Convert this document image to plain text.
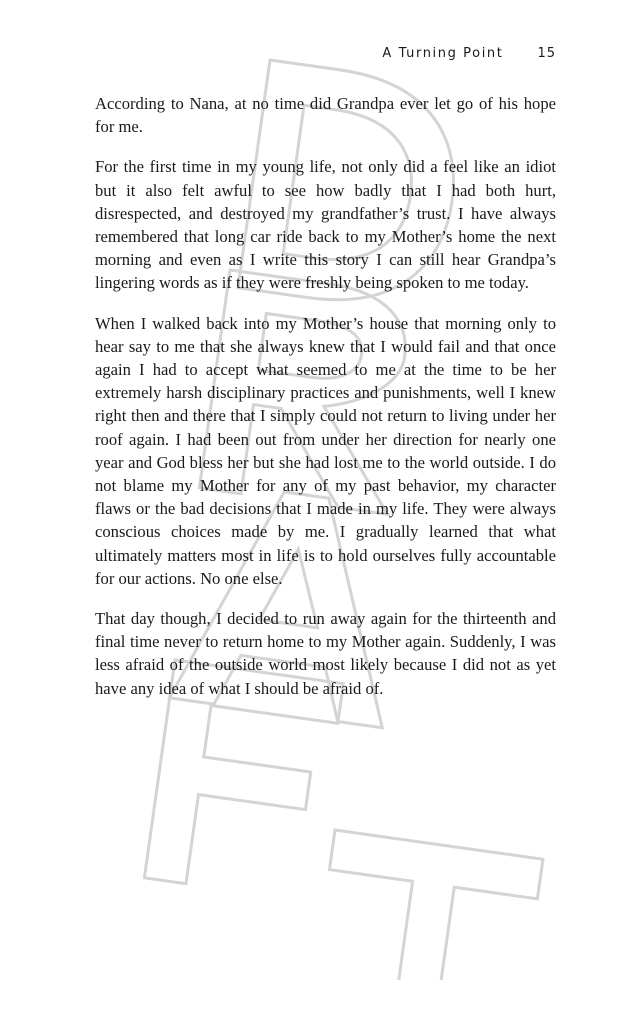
A Turning Point	15

According to Nana, at no time did Grandpa ever let go of his hope for me.

For the first time in my young life, not only did a feel like an idiot but it also felt awful to see how badly that I had both hurt, disrespected, and destroyed my grandfather’s trust. I have always remembered that long car ride back to my Mother’s home the next morning and even as I write this story I can still hear Grandpa’s lingering words as if they were freshly being spoken to me today.

When I walked back into my Mother’s house that morning only to hear say to me that she always knew that I would fail and that once again I had to accept what seemed to me at the time to be her extremely harsh disciplinary practices and punishments, well I knew right then and there that I simply could not return to living under her roof again. I had been out from under her direction for nearly one year and God bless her but she had lost me to the world outside. I do not blame my Mother for any of my past behavior, my character flaws or the bad decisions that I made in my life. They were always conscious choices made by me. I gradually learned that what ultimately matters most in life is to hold ourselves fully accountable for our actions. No one else.

That day though, I decided to run away again for the thirteenth and final time never to return home to my Mother again. Suddenly, I was less afraid of the outside world most likely because I did not as yet have any idea of what I should be afraid of.
